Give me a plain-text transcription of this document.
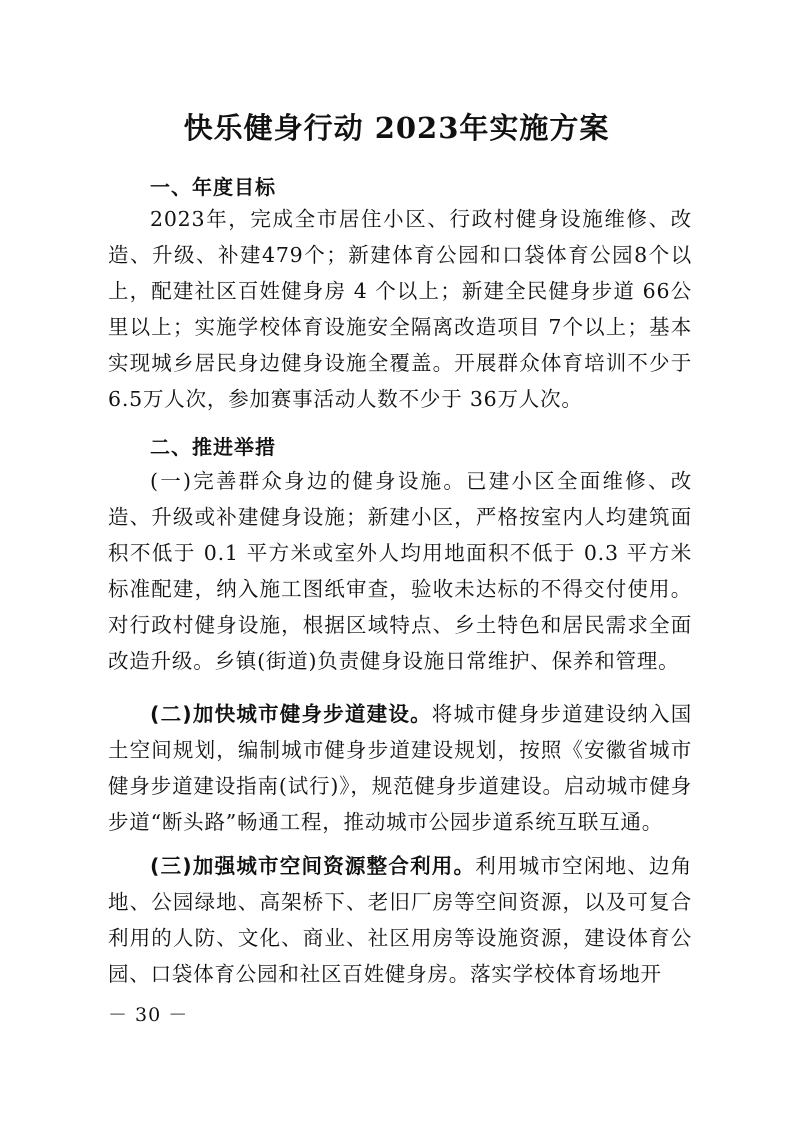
快乐健身行动 2023年实施方案
一、年度目标

2023年，完成全市居住小区、行政村健身设施维修、改造、升级、补建479个；新建体育公园和口袋体育公园8个以上，配建社区百姓健身房 4 个以上；新建全民健身步道 66公里以上；实施学校体育设施安全隔离改造项目 7个以上；基本实现城乡居民身边健身设施全覆盖。开展群众体育培训不少于 6.5万人次，参加赛事活动人数不少于 36万人次。

二、推进举措

(一)完善群众身边的健身设施。已建小区全面维修、改造、升级或补建健身设施；新建小区，严格按室内人均建筑面积不低于 0.1 平方米或室外人均用地面积不低于 0.3 平方米标准配建，纳入施工图纸审查，验收未达标的不得交付使用。对行政村健身设施，根据区域特点、乡土特色和居民需求全面改造升级。乡镇(街道)负责健身设施日常维护、保养和管理。

(二)加快城市健身步道建设。将城市健身步道建设纳入国土空间规划，编制城市健身步道建设规划，按照《安徽省城市健身步道建设指南(试行)》，规范健身步道建设。启动城市健身步道“断头路”畅通工程，推动城市公园步道系统互联互通。

(三)加强城市空间资源整合利用。利用城市空闲地、边角地、公园绿地、高架桥下、老旧厂房等空间资源，以及可复合利用的人防、文化、商业、社区用房等设施资源，建设体育公园、口袋体育公园和社区百姓健身房。落实学校体育场地开

－ 30 －
